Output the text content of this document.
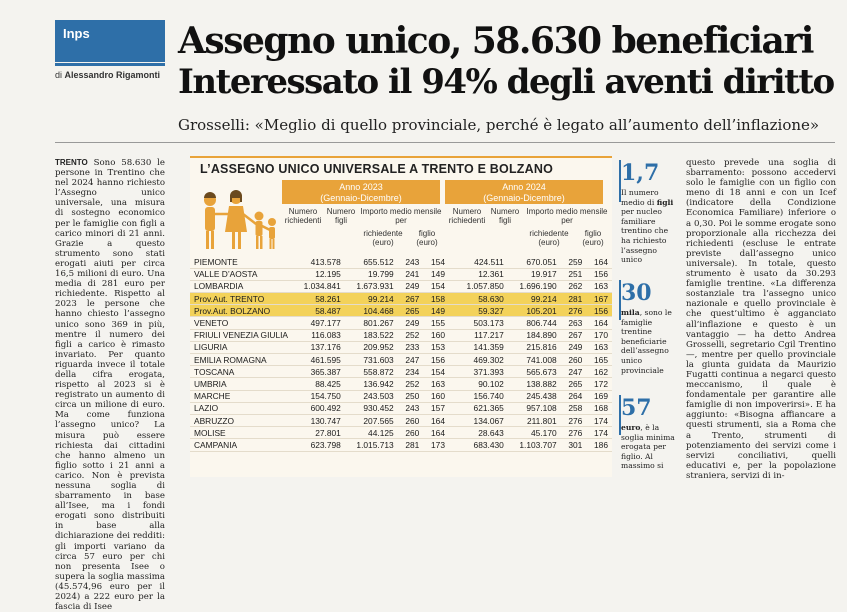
Inps
di Alessandro Rigamonti
Assegno unico, 58.630 beneficiari
Interessato il 94% degli aventi diritto
Grosselli: «Meglio di quello provinciale, perché è legato all’aumento dell’inflazione»
TRENTO Sono 58.630 le persone in Trentino che nel 2024 hanno richiesto l’Assegno unico universale, una misura di sostegno economico per le famiglie con figli a carico minori di 21 anni. Grazie a questo strumento sono stati erogati aiuti per circa 16,5 milioni di euro. Una media di 281 euro per richiedente. Rispetto al 2023 le persone che hanno chiesto l’assegno unico sono 369 in più, mentre il numero dei figli a carico è rimasto invariato. Per quanto riguarda invece il totale della cifra erogata, rispetto al 2023 si è registrato un aumento di circa un milione di euro. Ma come funziona l’assegno unico? La misura può essere richiesta dai cittadini che hanno almeno un figlio sotto i 21 anni a carico. Non è prevista nessuna soglia di sbarramento in base all’Isee, ma i fondi erogati sono distribuiti in base alla dichiarazione dei redditi: gli importi variano da circa 57 euro per chi non presenta Isee o supera la soglia massima (45.574,96 euro per il 2024) a 222 euro per la fascia di Isee
L’ASSEGNO UNICO UNIVERSALE A TRENTO E BOLZANO
Anno 2023
(Gennaio-Dicembre)
Anno 2024
(Gennaio-Dicembre)
Numero richiedenti
Numero figli
Importo medio mensile per
richiedente (euro)
figlio (euro)
Numero richiedenti
Numero figli
Importo medio mensile per
richiedente (euro)
figlio (euro)
PIEMONTE	413.578	655.512	243	154		424.511	670.051	259	164
VALLE D’AOSTA	12.195	19.799	241	149		12.361	19.917	251	156
LOMBARDIA	1.034.841	1.673.931	249	154		1.057.850	1.696.190	262	163
Prov.Aut. TRENTO	58.261	99.214	267	158		58.630	99.214	281	167
Prov.Aut. BOLZANO	58.487	104.468	265	149		59.327	105.201	276	156
VENETO	497.177	801.267	249	155		503.173	806.744	263	164
FRIULI VENEZIA GIULIA	116.083	183.522	252	160		117.217	184.890	267	170
LIGURIA	137.176	209.952	233	153		141.359	215.816	249	163
EMILIA ROMAGNA	461.595	731.603	247	156		469.302	741.008	260	165
TOSCANA	365.387	558.872	234	154		371.393	565.673	247	162
UMBRIA	88.425	136.942	252	163		90.102	138.882	265	172
MARCHE	154.750	243.503	250	160		156.740	245.438	264	169
LAZIO	600.492	930.452	243	157		621.365	957.108	258	168
ABRUZZO	130.747	207.565	260	164		134.067	211.801	276	174
MOLISE	27.801	44.125	260	164		28.643	45.170	276	174
CAMPANIA	623.798	1.015.713	281	173		683.430	1.103.707	301	186
1,7
Il numero medio di figli per nucleo familiare trentino che ha richiesto l’assegno unico
30
mila, sono le famiglie trentine beneficiarie dell’assegno unico provinciale
57
euro, è la soglia minima erogata per figlio. Al massimo si
questo prevede una soglia di sbarramento: possono accedervi solo le famiglie con un figlio con meno di 18 anni e con un Icef (indicatore della Condizione Economica Familiare) inferiore o a 0,30. Poi le somme erogate sono proporzionale alla ricchezza dei richiedenti (escluse le entrate previste dall’assegno unico universale). In totale, questo strumento è usato da 30.293 famiglie trentine. «La differenza sostanziale tra l’assegno unico nazionale e quello provinciale è che quest’ultimo è agganciato all’inflazione e questo è un vantaggio — ha detto Andrea Grosselli, segretario Cgil Trentino —, mentre per quello provinciale la giunta guidata da Maurizio Fugatti continua a negarci questo meccanismo, il quale è fondamentale per garantire alle famiglie di non impoverirsi». E ha aggiunto: «Bisogna affiancare a questi strumenti, sia a Roma che a Trento, strumenti di potenziamento dei servizi come i servizi conciliativi, quelli educativi e, per la popolazione straniera, servizi di in-
